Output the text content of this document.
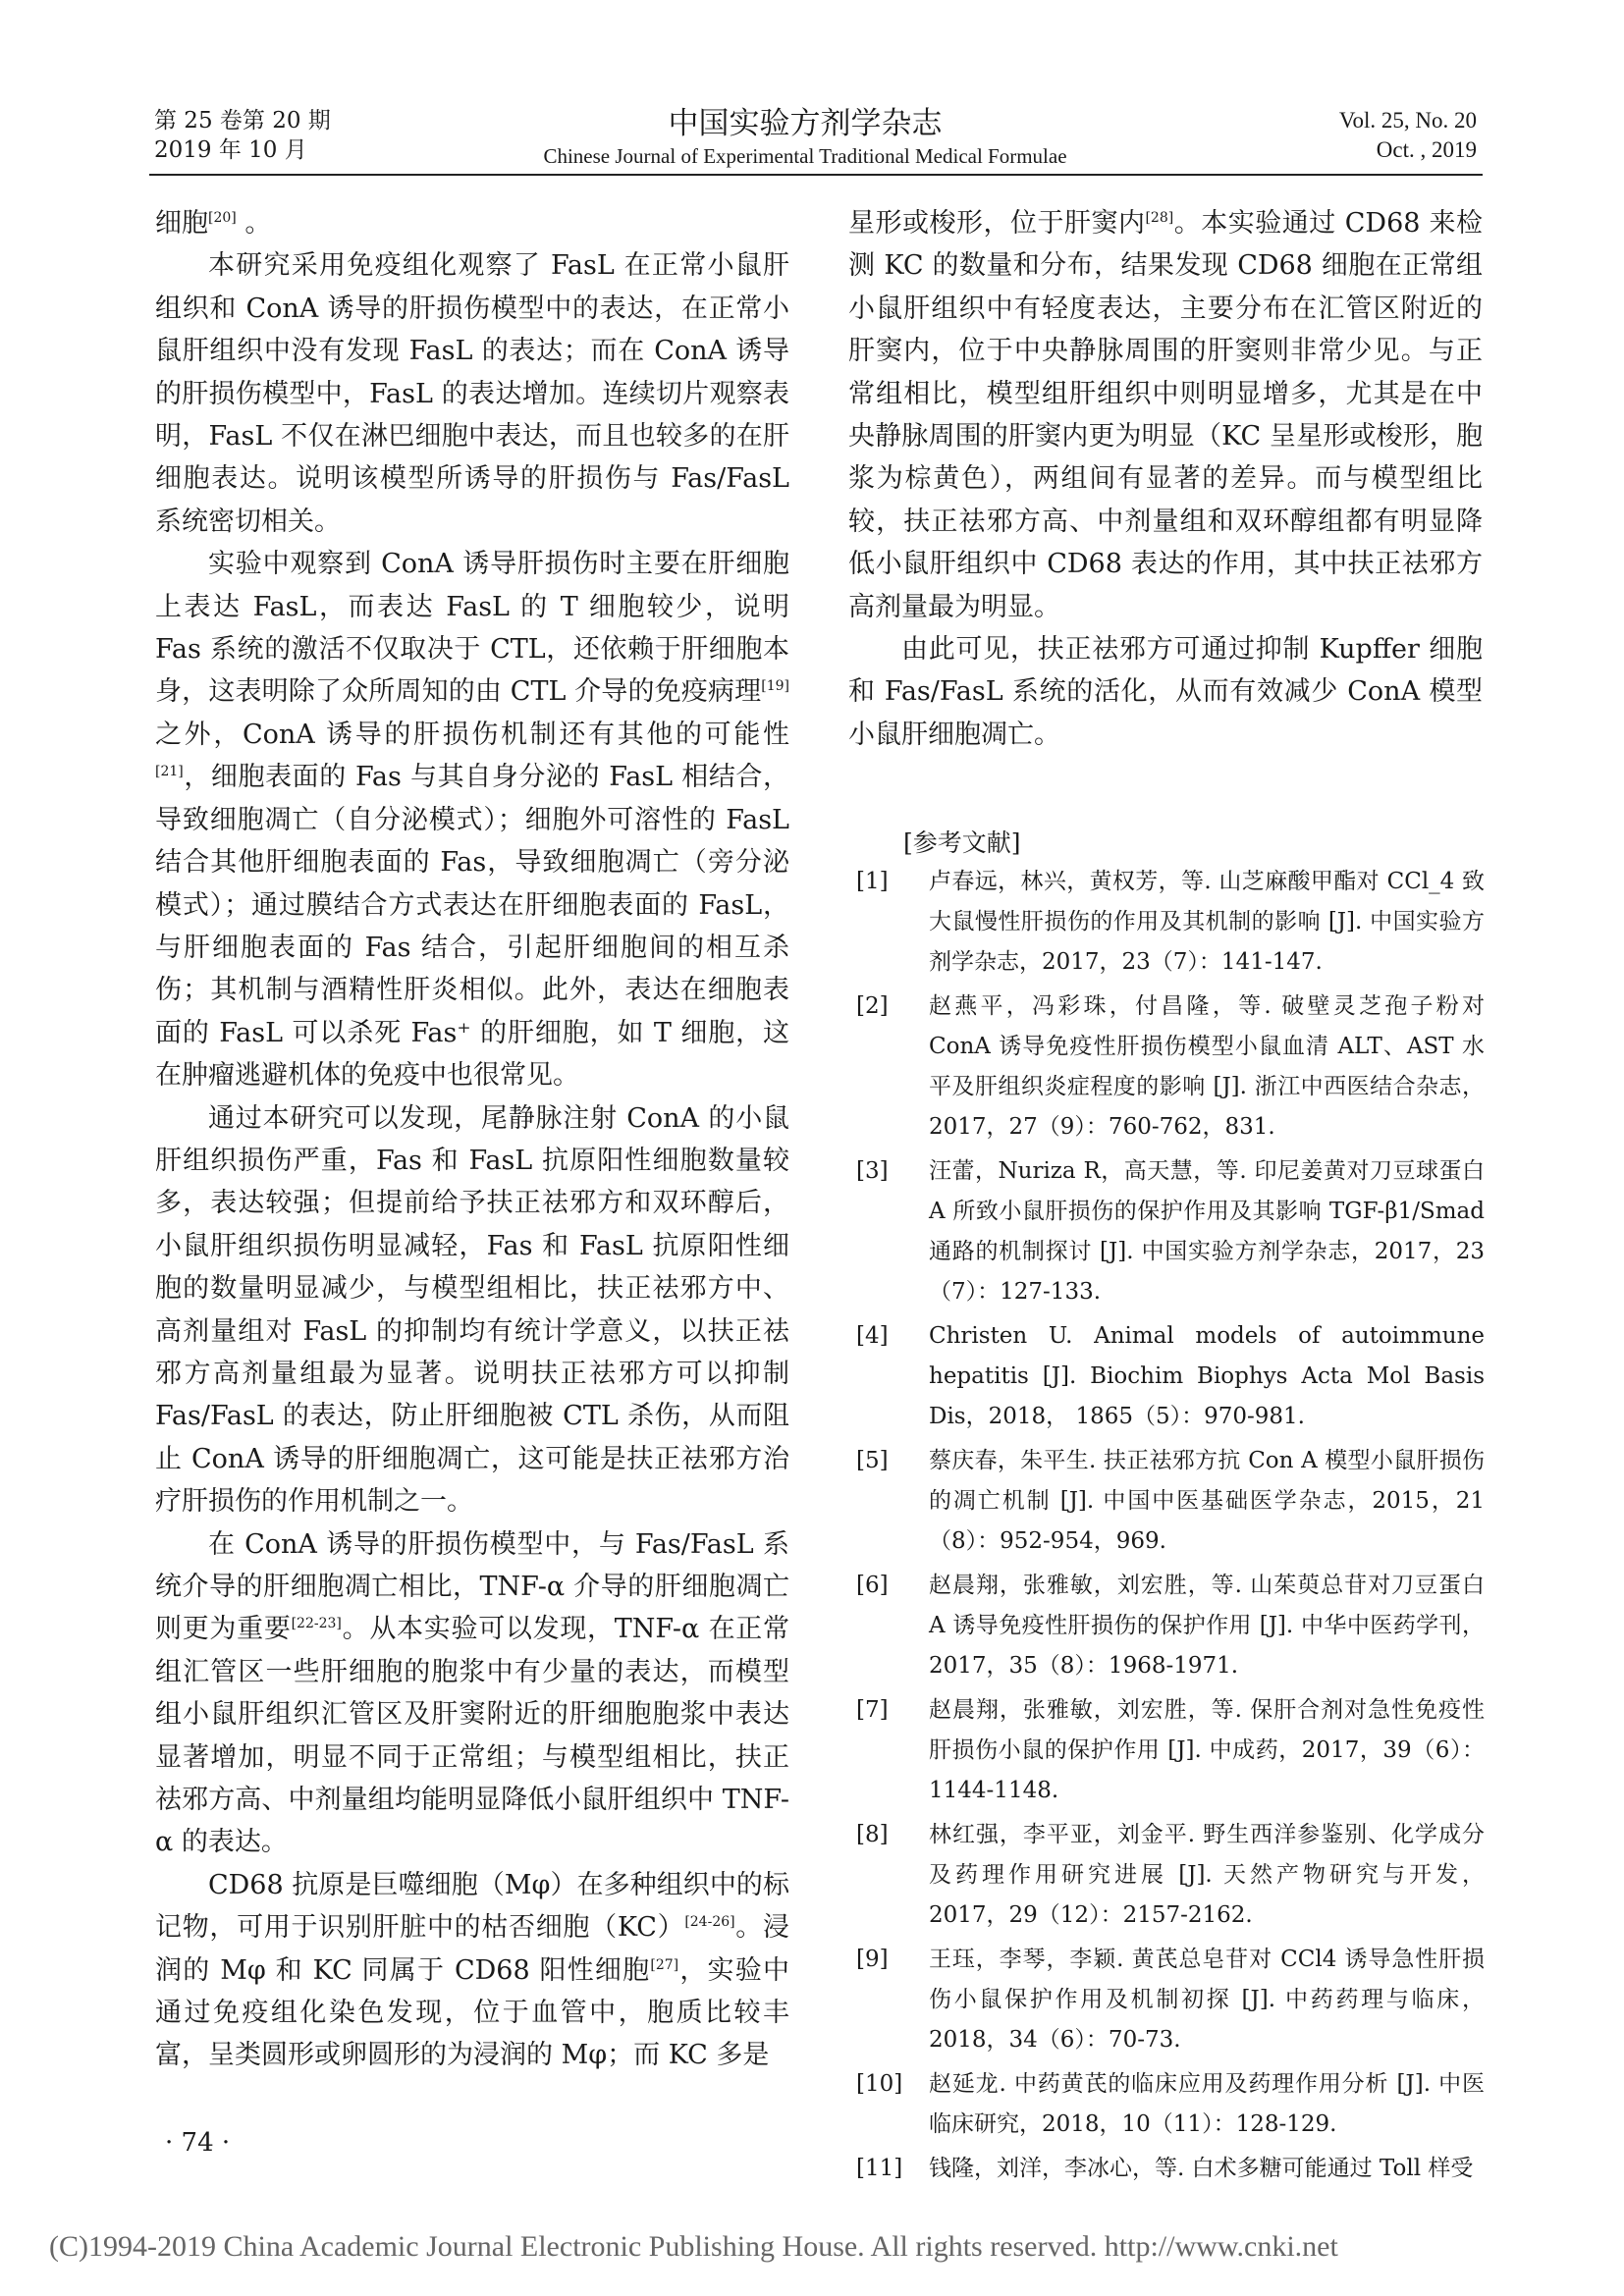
第 25 卷第 20 期
2019 年 10 月
中国实验方剂学杂志
Chinese Journal of Experimental Traditional Medical Formulae
Vol. 25, No. 20
Oct. , 2019

细胞[20] 。

本研究采用免疫组化观察了 FasL 在正常小鼠肝组织和 ConA 诱导的肝损伤模型中的表达，在正常小鼠肝组织中没有发现 FasL 的表达；而在 ConA 诱导的肝损伤模型中，FasL 的表达增加。连续切片观察表明，FasL 不仅在淋巴细胞中表达，而且也较多的在肝细胞表达。说明该模型所诱导的肝损伤与 Fas/FasL 系统密切相关。

实验中观察到 ConA 诱导肝损伤时主要在肝细胞上表达 FasL，而表达 FasL 的 T 细胞较少，说明 Fas 系统的激活不仅取决于 CTL，还依赖于肝细胞本身，这表明除了众所周知的由 CTL 介导的免疫病理[19]之外，ConA 诱导的肝损伤机制还有其他的可能性[21]，细胞表面的 Fas 与其自身分泌的 FasL 相结合，导致细胞凋亡（自分泌模式）；细胞外可溶性的 FasL 结合其他肝细胞表面的 Fas，导致细胞凋亡（旁分泌模式）；通过膜结合方式表达在肝细胞表面的 FasL，与肝细胞表面的 Fas 结合，引起肝细胞间的相互杀伤；其机制与酒精性肝炎相似。此外，表达在细胞表面的 FasL 可以杀死 Fas⁺ 的肝细胞，如 T 细胞，这在肿瘤逃避机体的免疫中也很常见。

通过本研究可以发现，尾静脉注射 ConA 的小鼠肝组织损伤严重，Fas 和 FasL 抗原阳性细胞数量较多，表达较强；但提前给予扶正祛邪方和双环醇后，小鼠肝组织损伤明显减轻，Fas 和 FasL 抗原阳性细胞的数量明显减少，与模型组相比，扶正祛邪方中、高剂量组对 FasL 的抑制均有统计学意义，以扶正祛邪方高剂量组最为显著。说明扶正祛邪方可以抑制 Fas/FasL 的表达，防止肝细胞被 CTL 杀伤，从而阻止 ConA 诱导的肝细胞凋亡，这可能是扶正祛邪方治疗肝损伤的作用机制之一。

在 ConA 诱导的肝损伤模型中，与 Fas/FasL 系统介导的肝细胞凋亡相比，TNF-α 介导的肝细胞凋亡则更为重要[22-23]。从本实验可以发现，TNF-α 在正常组汇管区一些肝细胞的胞浆中有少量的表达，而模型组小鼠肝组织汇管区及肝窦附近的肝细胞胞浆中表达显著增加，明显不同于正常组；与模型组相比，扶正祛邪方高、中剂量组均能明显降低小鼠肝组织中 TNF-α 的表达。

CD68 抗原是巨噬细胞（Mφ）在多种组织中的标记物，可用于识别肝脏中的枯否细胞（KC）[24-26]。浸润的 Mφ 和 KC 同属于 CD68 阳性细胞[27]，实验中通过免疫组化染色发现，位于血管中，胞质比较丰富，呈类圆形或卵圆形的为浸润的 Mφ；而 KC 多是

星形或梭形，位于肝窦内[28]。本实验通过 CD68 来检测 KC 的数量和分布，结果发现 CD68 细胞在正常组小鼠肝组织中有轻度表达，主要分布在汇管区附近的肝窦内，位于中央静脉周围的肝窦则非常少见。与正常组相比，模型组肝组织中则明显增多，尤其是在中央静脉周围的肝窦内更为明显（KC 呈星形或梭形，胞浆为棕黄色），两组间有显著的差异。而与模型组比较，扶正祛邪方高、中剂量组和双环醇组都有明显降低小鼠肝组织中 CD68 表达的作用，其中扶正祛邪方高剂量最为明显。

由此可见，扶正祛邪方可通过抑制 Kupffer 细胞和 Fas/FasL 系统的活化，从而有效减少 ConA 模型小鼠肝细胞凋亡。

[参考文献]
[1] 卢春远，林兴，黄权芳，等. 山芝麻酸甲酯对 CCl_4 致大鼠慢性肝损伤的作用及其机制的影响 [J]. 中国实验方剂学杂志，2017，23（7）：141-147.
[2] 赵燕平，冯彩珠，付昌隆，等. 破壁灵芝孢子粉对 ConA 诱导免疫性肝损伤模型小鼠血清 ALT、AST 水平及肝组织炎症程度的影响 [J]. 浙江中西医结合杂志，2017，27（9）：760-762，831.
[3] 汪蕾，Nuriza R，高天慧，等. 印尼姜黄对刀豆球蛋白 A 所致小鼠肝损伤的保护作用及其影响 TGF-β1/Smad 通路的机制探讨 [J]. 中国实验方剂学杂志，2017，23（7）：127-133.
[4] Christen U. Animal models of autoimmune hepatitis [J]. Biochim Biophys Acta Mol Basis Dis，2018， 1865（5）：970-981.
[5] 蔡庆春，朱平生. 扶正祛邪方抗 Con A 模型小鼠肝损伤的凋亡机制 [J]. 中国中医基础医学杂志，2015，21（8）：952-954，969.
[6] 赵晨翔，张雅敏，刘宏胜，等. 山茱萸总苷对刀豆蛋白 A 诱导免疫性肝损伤的保护作用 [J]. 中华中医药学刊，2017，35（8）：1968-1971.
[7] 赵晨翔，张雅敏，刘宏胜，等. 保肝合剂对急性免疫性肝损伤小鼠的保护作用 [J]. 中成药，2017，39（6）：1144-1148.
[8] 林红强，李平亚，刘金平. 野生西洋参鉴别、化学成分及药理作用研究进展 [J]. 天然产物研究与开发，2017，29（12）：2157-2162.
[9] 王珏，李琴，李颖. 黄芪总皂苷对 CCl4 诱导急性肝损伤小鼠保护作用及机制初探 [J]. 中药药理与临床，2018，34（6）：70-73.
[10] 赵延龙. 中药黄芪的临床应用及药理作用分析 [J]. 中医临床研究，2018，10（11）：128-129.
[11] 钱隆，刘洋，李冰心，等. 白术多糖可能通过 Toll 样受
· 74 ·
(C)1994-2019 China Academic Journal Electronic Publishing House. All rights reserved. http://www.cnki.net
